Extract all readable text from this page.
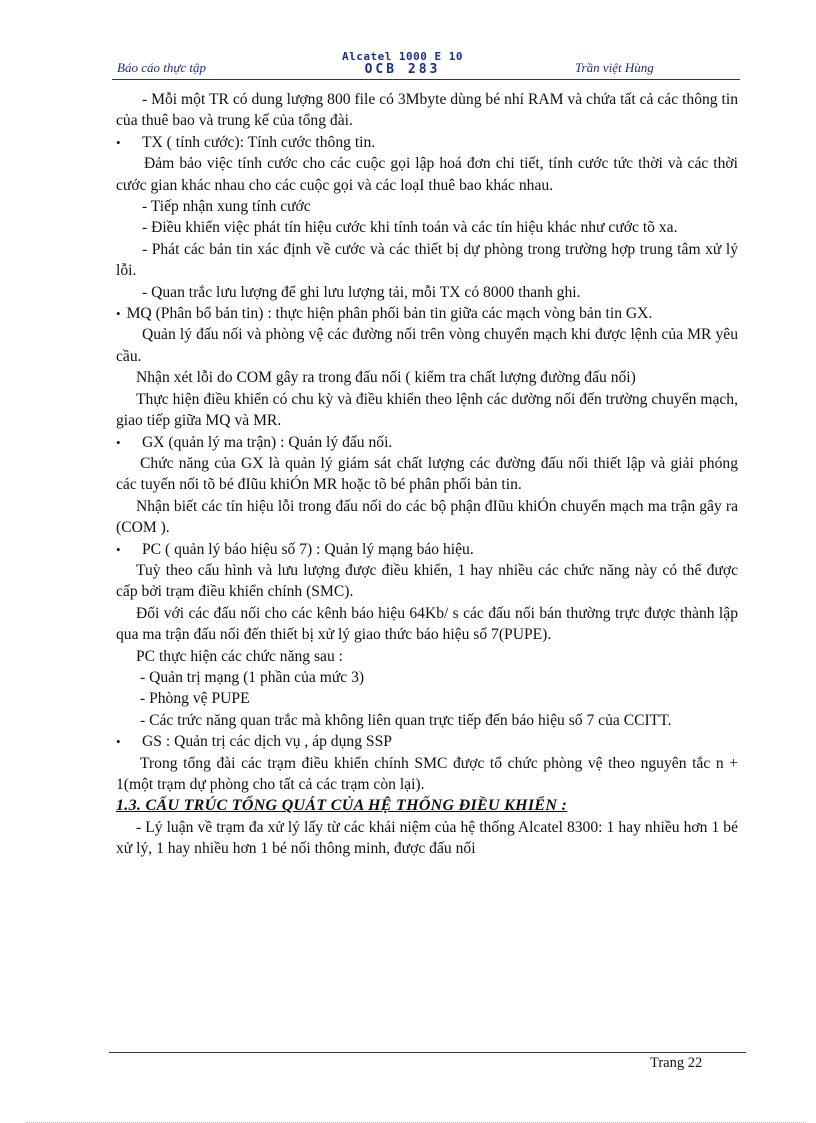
Báo cáo thực tập
Alcatel 1000 E 10
OCB 283	Trần việt Hùng

- Mỗi một TR có dung lượng 800 file có 3Mbyte dùng bé nhí RAM và chứa tất cả các thông tin của thuê bao và trung kế của tổng đài.

• TX ( tính cước): Tính cước thông tin.

Đảm bảo việc tính cước cho các cuộc gọi lập hoá đơn chi tiết, tính cước tức thời và các thời cước gian khác nhau cho các cuộc gọi và các loạI thuê bao khác nhau.

- Tiếp nhận xung tính cước

- Điều khiển việc phát tín hiệu cước khi tính toán và các tín hiệu khác như cước tõ xa.

- Phát các bản tin xác định về cước và các thiết bị dự phòng trong trường hợp trung tâm xử lý lỗi.

- Quan trắc lưu lượng để ghi lưu lượng tải, mỗi TX có 8000 thanh ghi.

• MQ (Phân bổ bản tin) : thực hiện phân phối bản tin giữa các mạch vòng bản tin GX.

Quản lý đấu nối và phòng vệ các đường nối trên vòng chuyển mạch khi được lệnh của MR yêu cầu.

Nhận xét lỗi do COM gây ra trong đấu nối ( kiểm tra chất lượng đường đấu nối)

Thực hiện điều khiển có chu kỳ và điều khiển theo lệnh các dường nối đến trường chuyển mạch, giao tiếp giữa MQ và MR.

• GX (quản lý ma trận) : Quản lý đấu nối.

Chức năng của GX là quản lý giám sát chất lượng các đường đấu nối thiết lập và giải phóng các tuyến nối tõ bé đIũu khiÓn MR hoặc tõ bé phân phối bản tin.

Nhận biết các tín hiệu lỗi trong đấu nối do các bộ phận đIũu khiÓn chuyển mạch ma trận gây ra (COM ).

• PC ( quản lý báo hiệu số 7) : Quản lý mạng báo hiệu.

Tuỳ theo cấu hình và lưu lượng được điều khiển, 1 hay nhiều các chức năng này có thể được cấp bởi trạm điều khiển chính (SMC).

Đối với các đấu nối cho các kênh báo hiệu 64Kb/ s các đấu nối bán thường trực được thành lập qua ma trận đấu nối đến thiết bị xử lý giao thức báo hiệu số 7(PUPE).

PC thực hiện các chức năng sau :

- Quản trị mạng (1 phần của mức 3)

- Phòng vệ PUPE

- Các trức năng quan trắc mà không liên quan trực tiếp đến báo hiệu số 7 của CCITT.

• GS : Quản trị các dịch vụ , áp dụng SSP

Trong tổng đài các trạm điều khiển chính SMC được tổ chức phòng vệ theo nguyên tắc n + 1(một trạm dự phòng cho tất cả các trạm còn lại).

1.3. CẤU TRÚC TỔNG QUÁT CỦA HỆ THỐNG ĐIỀU KHIỂN :

- Lý luận về trạm đa xử lý lấy từ các khái niệm của hệ thống Alcatel 8300: 1 hay nhiều hơn 1 bé xử lý, 1 hay nhiều hơn 1 bé nối thông minh, được đấu nối

Trang 22
